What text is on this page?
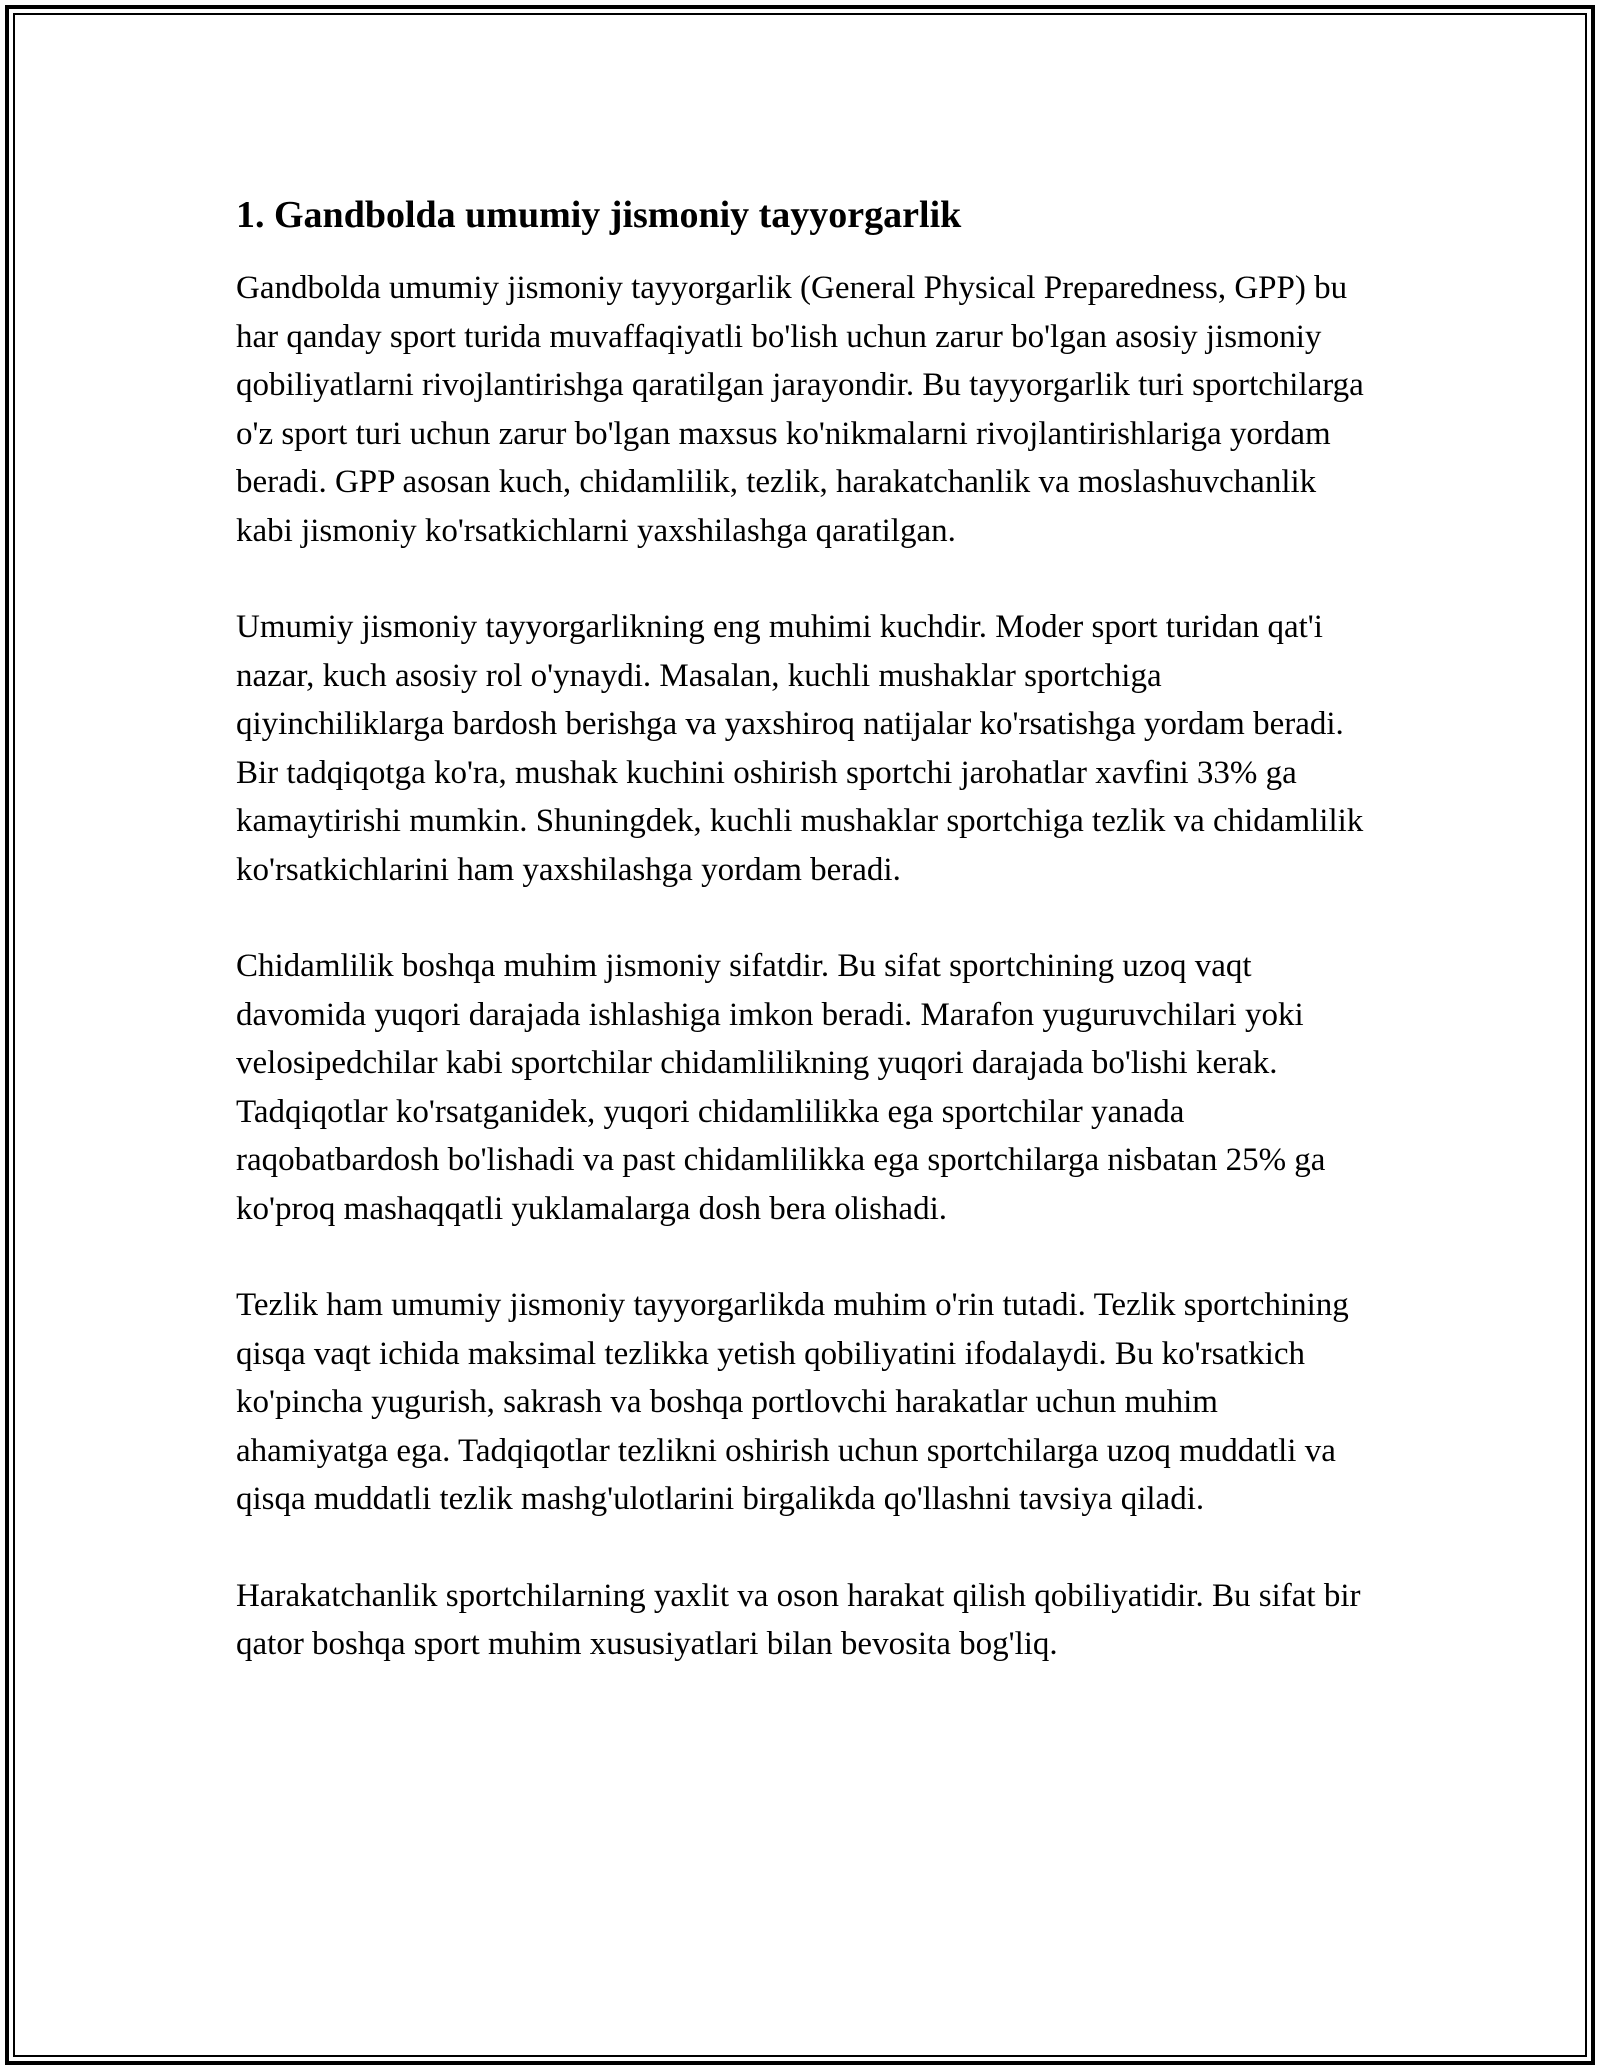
1. Gandbolda umumiy jismoniy tayyorgarlik

Gandbolda umumiy jismoniy tayyorgarlik (General Physical Preparedness, GPP) bu har qanday sport turida muvaffaqiyatli bo'lish uchun zarur bo'lgan asosiy jismoniy qobiliyatlarni rivojlantirishga qaratilgan jarayondir. Bu tayyorgarlik turi sportchilarga o'z sport turi uchun zarur bo'lgan maxsus ko'nikmalarni rivojlantirishlariga yordam beradi. GPP asosan kuch, chidamlilik, tezlik, harakatchanlik va moslashuvchanlik kabi jismoniy ko'rsatkichlarni yaxshilashga qaratilgan.

Umumiy jismoniy tayyorgarlikning eng muhimi kuchdir. Moder sport turidan qat'i nazar, kuch asosiy rol o'ynaydi. Masalan, kuchli mushaklar sportchiga qiyinchiliklarga bardosh berishga va yaxshiroq natijalar ko'rsatishga yordam beradi. Bir tadqiqotga ko'ra, mushak kuchini oshirish sportchi jarohatlar xavfini 33% ga kamaytirishi mumkin. Shuningdek, kuchli mushaklar sportchiga tezlik va chidamlilik ko'rsatkichlarini ham yaxshilashga yordam beradi.

Chidamlilik boshqa muhim jismoniy sifatdir. Bu sifat sportchining uzoq vaqt davomida yuqori darajada ishlashiga imkon beradi. Marafon yuguruvchilari yoki velosipedchilar kabi sportchilar chidamlilikning yuqori darajada bo'lishi kerak. Tadqiqotlar ko'rsatganidek, yuqori chidamlilikka ega sportchilar yanada raqobatbardosh bo'lishadi va past chidamlilikka ega sportchilarga nisbatan 25% ga ko'proq mashaqqatli yuklamalarga dosh bera olishadi.

Tezlik ham umumiy jismoniy tayyorgarlikda muhim o'rin tutadi. Tezlik sportchining qisqa vaqt ichida maksimal tezlikka yetish qobiliyatini ifodalaydi. Bu ko'rsatkich ko'pincha yugurish, sakrash va boshqa portlovchi harakatlar uchun muhim ahamiyatga ega. Tadqiqotlar tezlikni oshirish uchun sportchilarga uzoq muddatli va qisqa muddatli tezlik mashg'ulotlarini birgalikda qo'llashni tavsiya qiladi.

Harakatchanlik sportchilarning yaxlit va oson harakat qilish qobiliyatidir. Bu sifat bir qator boshqa sport muhim xususiyatlari bilan bevosita bog'liq.
